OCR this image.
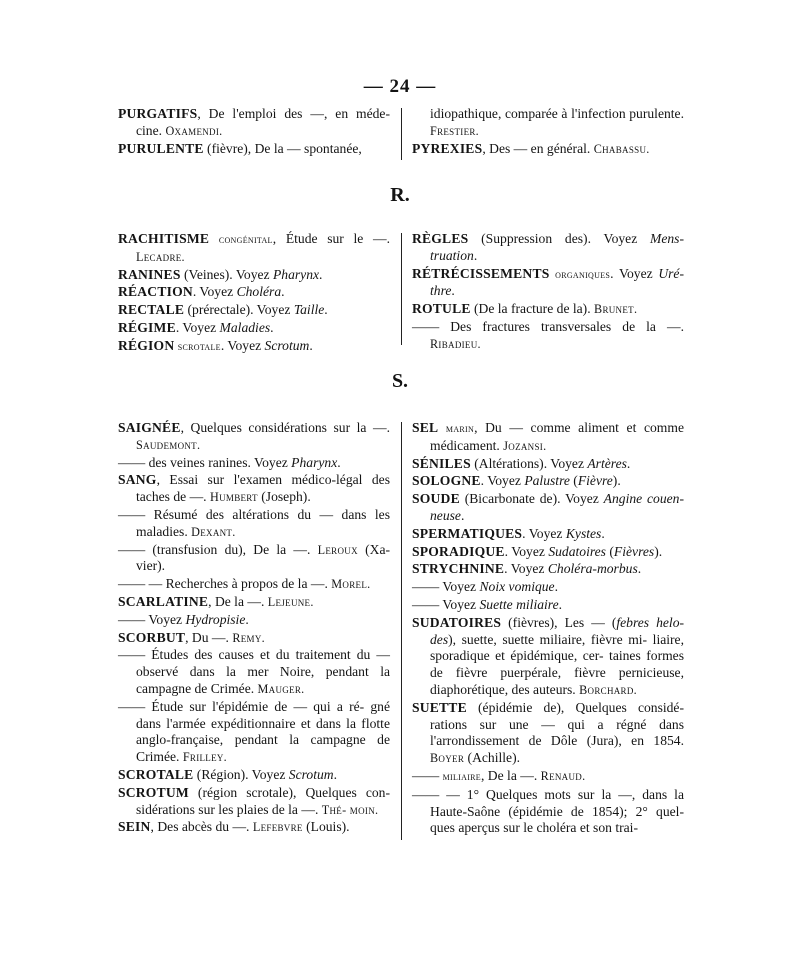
— 24 —
PURGATIFS, De l'emploi des —, en méde- cine. Oxamendi.
PURULENTE (fièvre), De la — spontanée,
idiopathique, comparée à l'infection purulente. Frestier.
PYREXIES, Des — en général. Chabassu.
R.
RACHITISME congénital, Étude sur le —. Lecadre.
RANINES (Veines). Voyez Pharynx.
RÉACTION. Voyez Choléra.
RECTALE (prérectale). Voyez Taille.
RÉGIME. Voyez Maladies.
RÉGION scrotale. Voyez Scrotum.
RÈGLES (Suppression des). Voyez Mens- truation.
RÉTRÉCISSEMENTS organiques. Voyez Uré- thre.
ROTULE (De la fracture de la). Brunet.
—— Des fractures transversales de la —. Ribadieu.
S.
SAIGNÉE, Quelques considérations sur la —. Saudemont.
—— des veines ranines. Voyez Pharynx.
SANG, Essai sur l'examen médico-légal des taches de —. Humbert (Joseph).
—— Résumé des altérations du — dans les maladies. Dexant.
—— (transfusion du), De la —. Leroux (Xa- vier).
—— — Recherches à propos de la —. Morel.
SCARLATINE, De la —. Lejeune.
—— Voyez Hydropisie.
SCORBUT, Du —. Remy.
—— Études des causes et du traitement du — observé dans la mer Noire, pendant la campagne de Crimée. Mauger.
—— Étude sur l'épidémie de — qui a ré- gné dans l'armée expéditionnaire et dans la flotte anglo-française, pendant la campagne de Crimée. Frilley.
SCROTALE (Région). Voyez Scrotum.
SCROTUM (région scrotale), Quelques con- sidérations sur les plaies de la —. Thé- moin.
SEIN, Des abcès du —. Lefebvre (Louis).
SEL marin, Du — comme aliment et comme médicament. Jozansi.
SÉNILES (Altérations). Voyez Artères.
SOLOGNE. Voyez Palustre (Fièvre).
SOUDE (Bicarbonate de). Voyez Angine couen- neuse.
SPERMATIQUES. Voyez Kystes.
SPORADIQUE. Voyez Sudatoires (Fièvres).
STRYCHNINE. Voyez Choléra-morbus.
—— Voyez Noix vomique.
—— Voyez Suette miliaire.
SUDATOIRES (fièvres), Les — (febres helo- des), suette, suette miliaire, fièvre mi- liaire, sporadique et épidémique, cer- taines formes de fièvre puerpérale, fièvre pernicieuse, diaphorétique, des auteurs. Borchard.
SUETTE (épidémie de), Quelques considé- rations sur une — qui a régné dans l'arrondissement de Dôle (Jura), en 1854. Boyer (Achille).
—— miliaire, De la —. Renaud.
—— — 1° Quelques mots sur la —, dans la Haute-Saône (épidémie de 1854); 2° quel- ques aperçus sur le choléra et son trai-
